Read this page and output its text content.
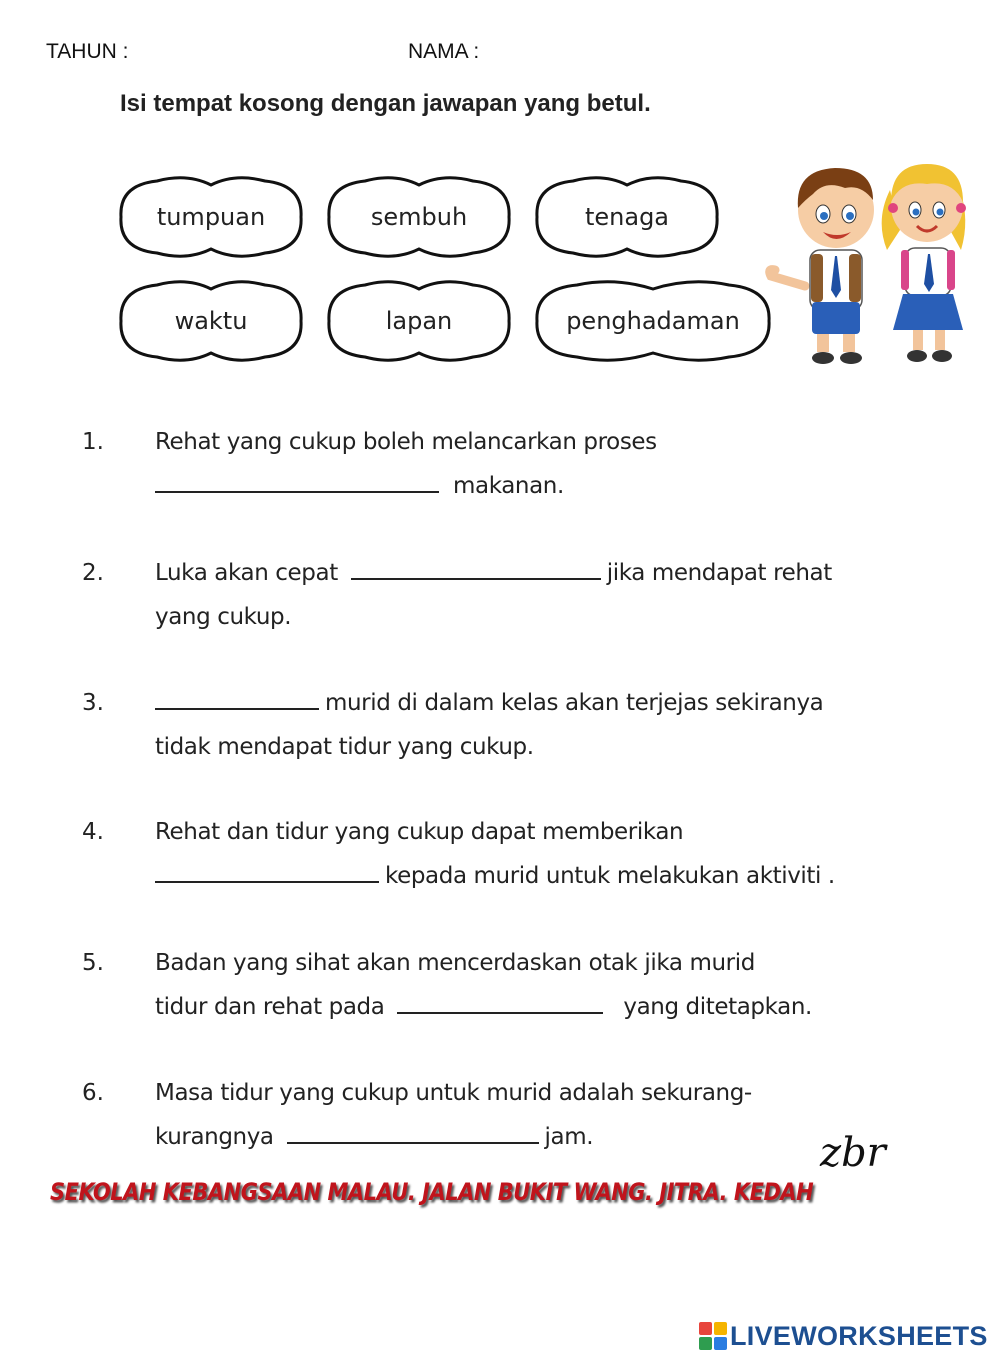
TAHUN :	NAMA :
Isi tempat kosong dengan jawapan yang betul.
tumpuan	sembuh	tenaga
waktu	lapan	penghadaman
1. Rehat yang cukup boleh melancarkan proses
makanan.
2. Luka akan cepat	jika mendapat rehat
yang cukup.
3.	murid di dalam kelas akan terjejas sekiranya
tidak mendapat tidur yang cukup.
4. Rehat dan tidur yang cukup dapat memberikan
kepada murid untuk melakukan aktiviti .
5. Badan yang sihat akan mencerdaskan otak jika murid
tidur dan rehat pada	yang ditetapkan.
6. Masa tidur yang cukup untuk murid adalah sekurang-
kurangnya	jam.	zbr
SEKOLAH KEBANGSAAN MALAU. JALAN BUKIT WANG. JITRA. KEDAH
LIVEWORKSHEETS
